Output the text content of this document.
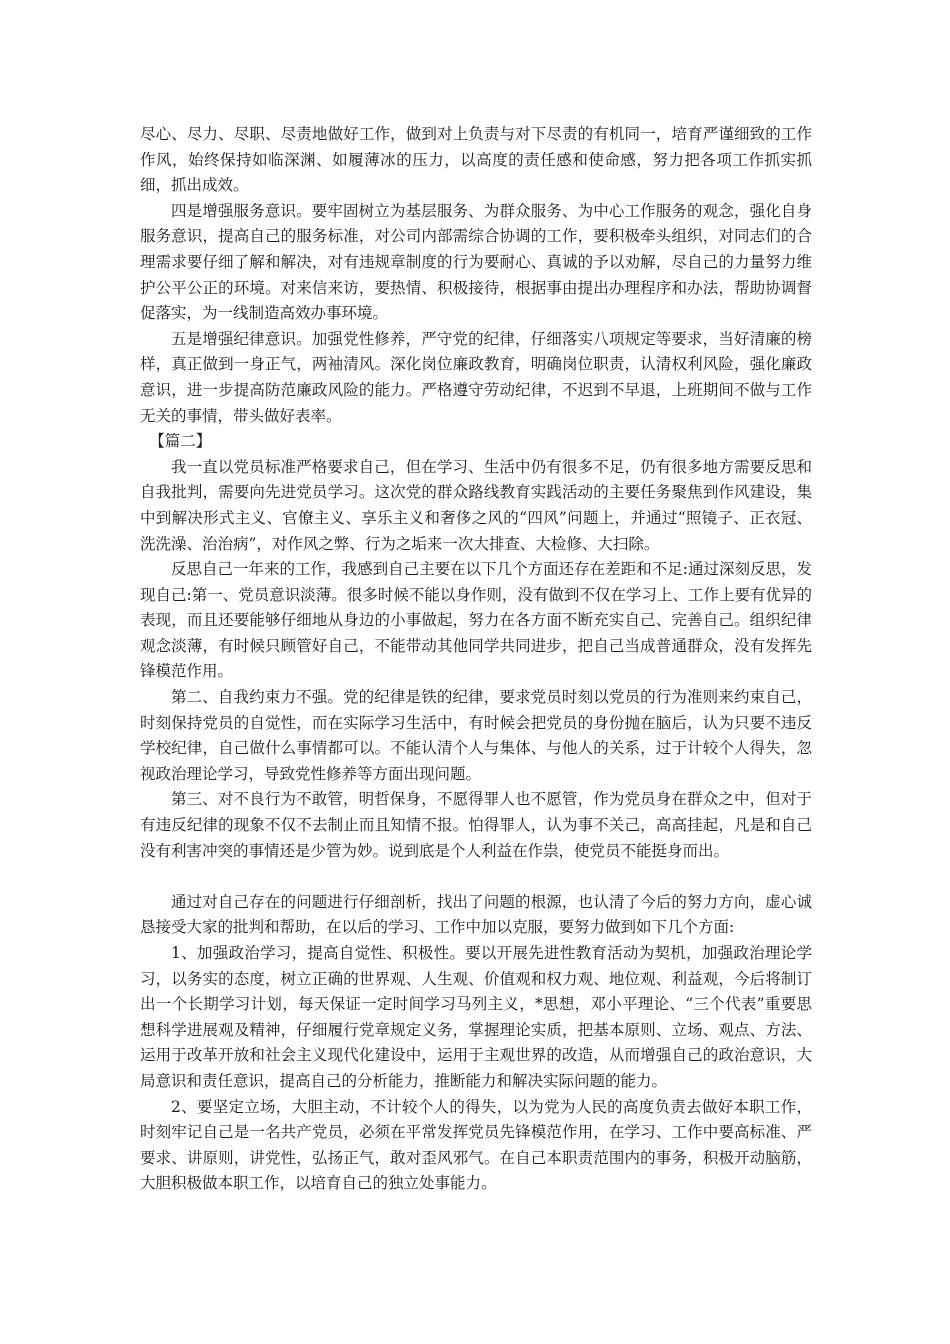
尽心、尽力、尽职、尽责地做好工作，做到对上负责与对下尽责的有机同一，培育严谨细致的工作作风，始终保持如临深渊、如履薄冰的压力，以高度的责任感和使命感，努力把各项工作抓实抓细，抓出成效。

四是增强服务意识。要牢固树立为基层服务、为群众服务、为中心工作服务的观念，强化自身服务意识，提高自己的服务标准，对公司内部需综合协调的工作，要积极牵头组织，对同志们的合理需求要仔细了解和解决，对有违规章制度的行为要耐心、真诚的予以劝解，尽自己的力量努力维护公平公正的环境。对来信来访，要热情、积极接待，根据事由提出办理程序和办法，帮助协调督促落实，为一线制造高效办事环境。

五是增强纪律意识。加强党性修养，严守党的纪律，仔细落实八项规定等要求，当好清廉的榜样，真正做到一身正气，两袖清风。深化岗位廉政教育，明确岗位职责，认清权利风险，强化廉政意识，进一步提高防范廉政风险的能力。严格遵守劳动纪律，不迟到不早退，上班期间不做与工作无关的事情，带头做好表率。

【篇二】

我一直以党员标准严格要求自己，但在学习、生活中仍有很多不足，仍有很多地方需要反思和自我批判，需要向先进党员学习。这次党的群众路线教育实践活动的主要任务聚焦到作风建设，集中到解决形式主义、官僚主义、享乐主义和奢侈之风的“四风”问题上，并通过“照镜子、正衣冠、洗洗澡、治治病”，对作风之弊、行为之垢来一次大排查、大检修、大扫除。

反思自己一年来的工作，我感到自己主要在以下几个方面还存在差距和不足:通过深刻反思，发现自己:第一、党员意识淡薄。很多时候不能以身作则，没有做到不仅在学习上、工作上要有优异的表现，而且还要能够仔细地从身边的小事做起，努力在各方面不断充实自己、完善自己。组织纪律观念淡薄，有时候只顾管好自己，不能带动其他同学共同进步，把自己当成普通群众，没有发挥先锋模范作用。

第二、自我约束力不强。党的纪律是铁的纪律，要求党员时刻以党员的行为准则来约束自己，时刻保持党员的自觉性，而在实际学习生活中，有时候会把党员的身份抛在脑后，认为只要不违反学校纪律，自己做什么事情都可以。不能认清个人与集体、与他人的关系，过于计较个人得失，忽视政治理论学习，导致党性修养等方面出现问题。

第三、对不良行为不敢管，明哲保身，不愿得罪人也不愿管，作为党员身在群众之中，但对于有违反纪律的现象不仅不去制止而且知情不报。怕得罪人，认为事不关己，高高挂起，凡是和自己没有利害冲突的事情还是少管为妙。说到底是个人利益在作祟，使党员不能挺身而出。

通过对自己存在的问题进行仔细剖析，找出了问题的根源，也认清了今后的努力方向，虚心诚恳接受大家的批判和帮助，在以后的学习、工作中加以克服，要努力做到如下几个方面:

1、加强政治学习，提高自觉性、积极性。要以开展先进性教育活动为契机，加强政治理论学习，以务实的态度，树立正确的世界观、人生观、价值观和权力观、地位观、利益观，今后将制订出一个长期学习计划，每天保证一定时间学习马列主义，*思想，邓小平理论、“三个代表”重要思想科学进展观及精神，仔细履行党章规定义务，掌握理论实质，把基本原则、立场、观点、方法、运用于改革开放和社会主义现代化建设中，运用于主观世界的改造，从而增强自己的政治意识，大局意识和责任意识，提高自己的分析能力，推断能力和解决实际问题的能力。

2、要坚定立场，大胆主动，不计较个人的得失，以为党为人民的高度负责去做好本职工作，时刻牢记自己是一名共产党员，必须在平常发挥党员先锋模范作用，在学习、工作中要高标准、严要求、讲原则，讲党性，弘扬正气，敢对歪风邪气。在自己本职责范围内的事务，积极开动脑筋，大胆积极做本职工作，以培育自己的独立处事能力。
